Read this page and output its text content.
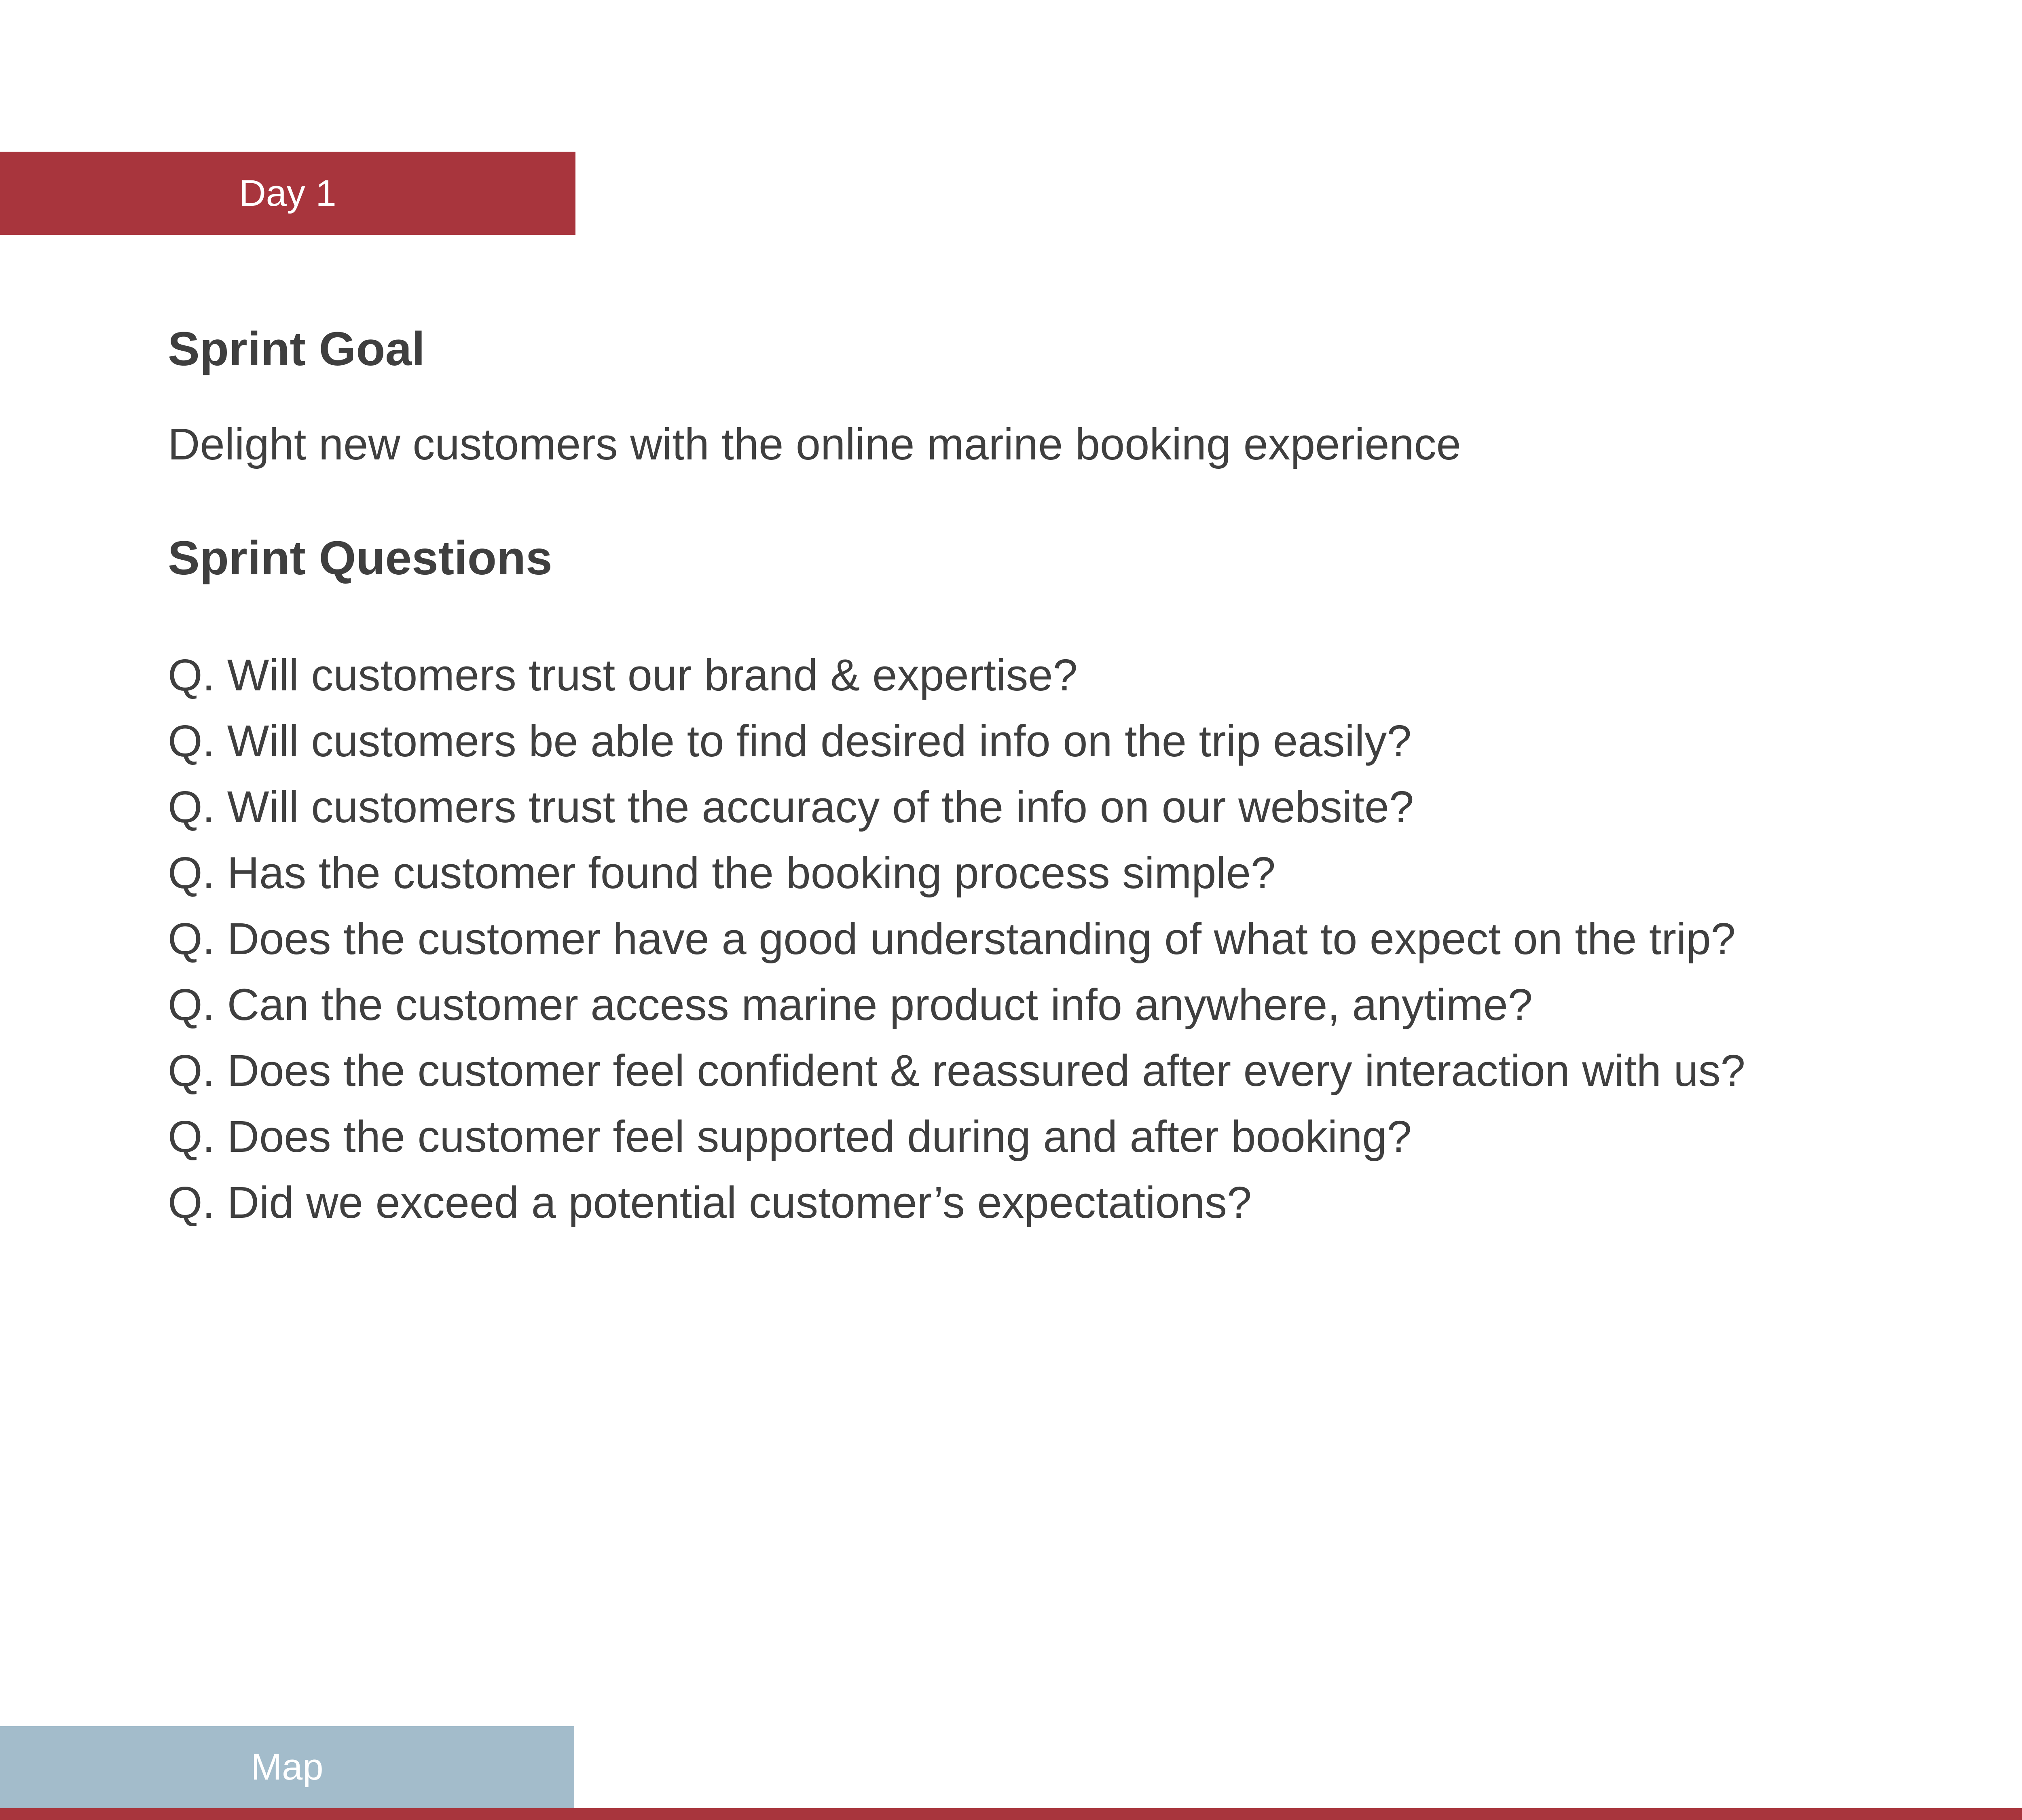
Day 1
Sprint Goal
Delight new customers with the online marine booking experience
Sprint Questions
Q. Will customers trust our brand & expertise?
Q. Will customers be able to find desired info on the trip easily?
Q. Will customers trust the accuracy of the info on our website?
Q. Has the customer found the booking process simple?
Q. Does the customer have a good understanding of what to expect on the trip?
Q. Can the customer access marine product info anywhere, anytime?
Q. Does the customer feel confident & reassured after every interaction with us?
Q. Does the customer feel supported during and after booking?
Q. Did we exceed a potential customer’s expectations?
Map
